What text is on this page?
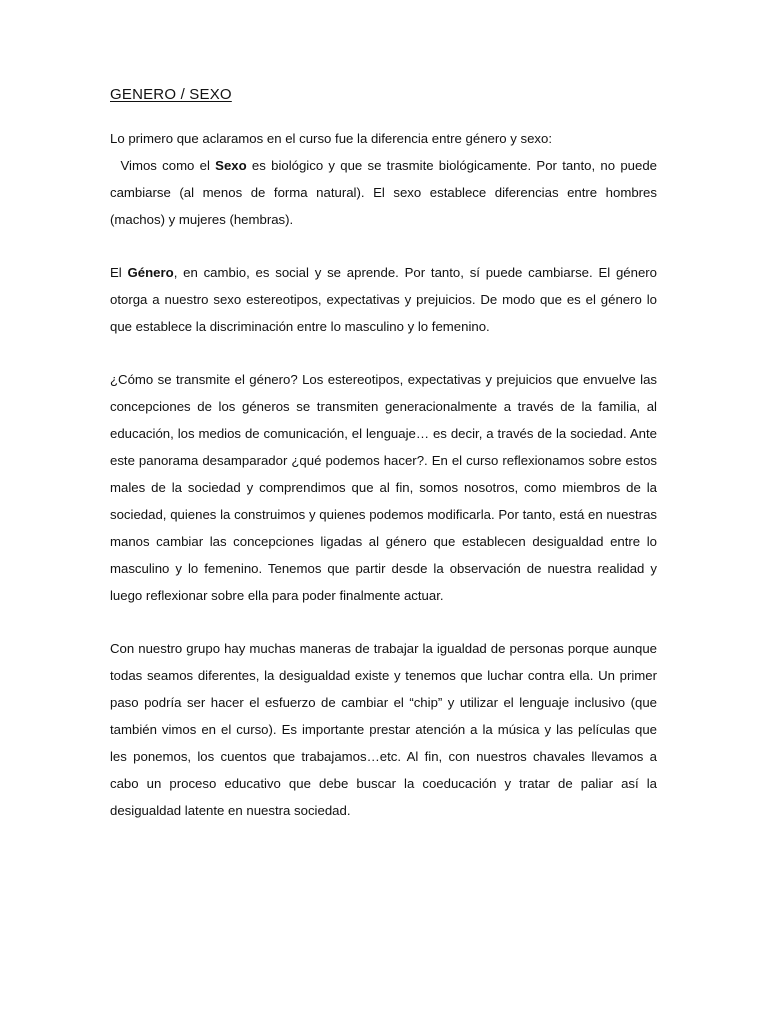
GENERO / SEXO

Lo primero que aclaramos en el curso fue la diferencia entre género y sexo:
Vimos como el Sexo es biológico y que se trasmite biológicamente. Por tanto, no puede cambiarse (al menos de forma natural). El sexo establece diferencias entre hombres (machos) y mujeres (hembras).

El Género, en cambio, es social y se aprende. Por tanto, sí puede cambiarse. El género otorga a nuestro sexo estereotipos, expectativas y prejuicios. De modo que es el género lo que establece la discriminación entre lo masculino y lo femenino.

¿Cómo se transmite el género? Los estereotipos, expectativas y prejuicios que envuelve las concepciones de los géneros se transmiten generacionalmente a través de la familia, al educación, los medios de comunicación, el lenguaje… es decir, a través de la sociedad. Ante este panorama desamparador ¿qué podemos hacer?. En el curso reflexionamos sobre estos males de la sociedad y comprendimos que al fin, somos nosotros, como miembros de la sociedad, quienes la construimos y quienes podemos modificarla. Por tanto, está en nuestras manos cambiar las concepciones ligadas al género que establecen desigualdad entre lo masculino y lo femenino. Tenemos que partir desde la observación de nuestra realidad y luego reflexionar sobre ella para poder finalmente actuar.

Con nuestro grupo hay muchas maneras de trabajar la igualdad de personas porque aunque todas seamos diferentes, la desigualdad existe y tenemos que luchar contra ella. Un primer paso podría ser hacer el esfuerzo de cambiar el “chip” y utilizar el lenguaje inclusivo (que también vimos en el curso). Es importante prestar atención a la música y las películas que les ponemos, los cuentos que trabajamos…etc. Al fin, con nuestros chavales llevamos a cabo un proceso educativo que debe buscar la coeducación y tratar de paliar así la desigualdad latente en nuestra sociedad.
